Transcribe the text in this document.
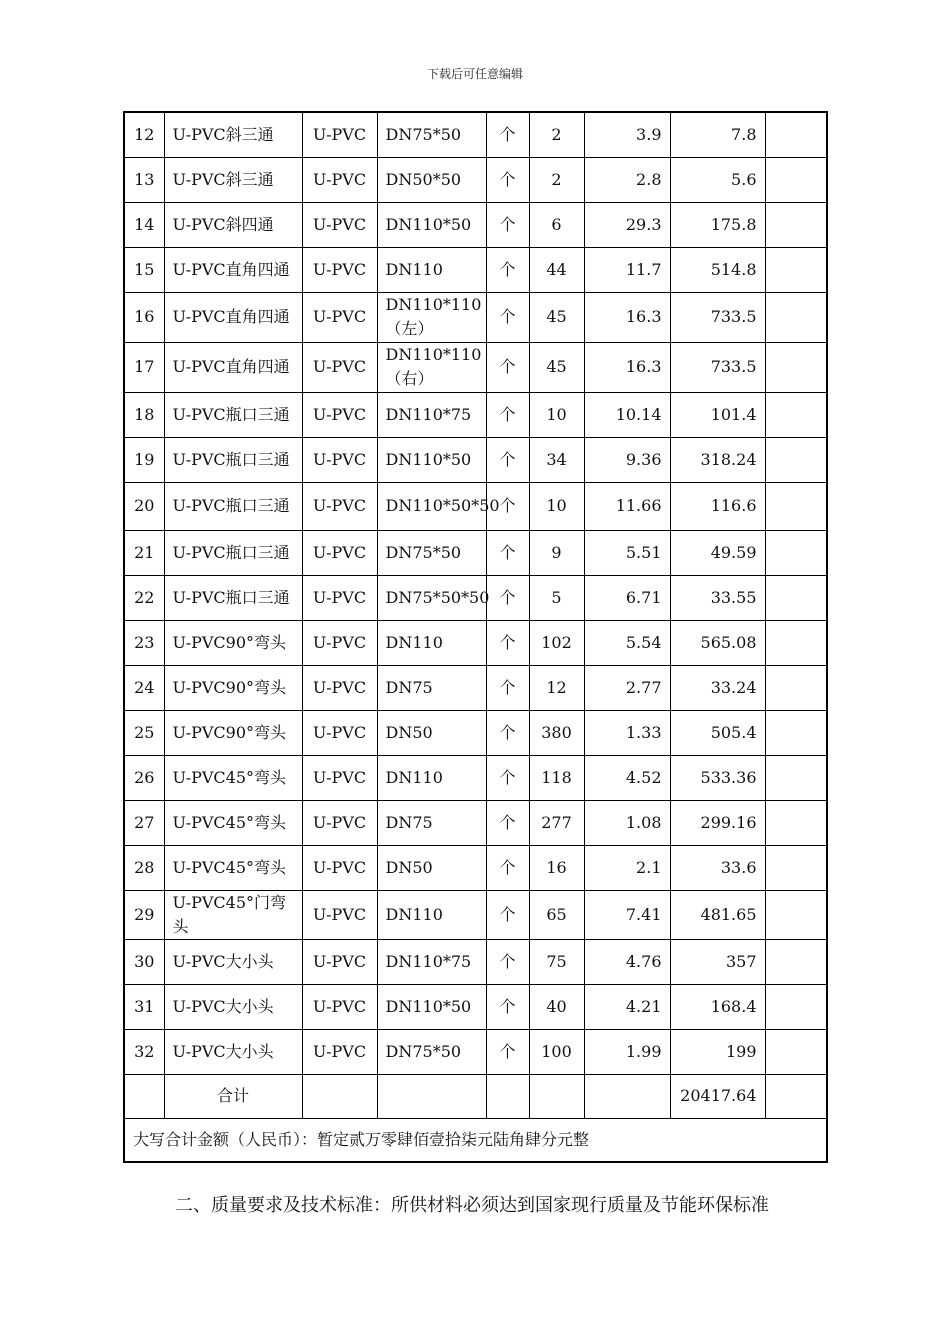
下载后可任意编辑
12	U-PVC斜三通	U-PVC	DN75*50	个	2	3.9	7.8	
13	U-PVC斜三通	U-PVC	DN50*50	个	2	2.8	5.6	
14	U-PVC斜四通	U-PVC	DN110*50	个	6	29.3	175.8	
15	U-PVC直角四通	U-PVC	DN110	个	44	11.7	514.8	
16	U-PVC直角四通	U-PVC	DN110*110（左）	个	45	16.3	733.5	
17	U-PVC直角四通	U-PVC	DN110*110（右）	个	45	16.3	733.5	
18	U-PVC瓶口三通	U-PVC	DN110*75	个	10	10.14	101.4	
19	U-PVC瓶口三通	U-PVC	DN110*50	个	34	9.36	318.24	
20	U-PVC瓶口三通	U-PVC	DN110*50*50	个	10	11.66	116.6	
21	U-PVC瓶口三通	U-PVC	DN75*50	个	9	5.51	49.59	
22	U-PVC瓶口三通	U-PVC	DN75*50*50	个	5	6.71	33.55	
23	U-PVC90°弯头	U-PVC	DN110	个	102	5.54	565.08	
24	U-PVC90°弯头	U-PVC	DN75	个	12	2.77	33.24	
25	U-PVC90°弯头	U-PVC	DN50	个	380	1.33	505.4	
26	U-PVC45°弯头	U-PVC	DN110	个	118	4.52	533.36	
27	U-PVC45°弯头	U-PVC	DN75	个	277	1.08	299.16	
28	U-PVC45°弯头	U-PVC	DN50	个	16	2.1	33.6	
29	U-PVC45°门弯头	U-PVC	DN110	个	65	7.41	481.65	
30	U-PVC大小头	U-PVC	DN110*75	个	75	4.76	357	
31	U-PVC大小头	U-PVC	DN110*50	个	40	4.21	168.4	
32	U-PVC大小头	U-PVC	DN75*50	个	100	1.99	199	
	合计						20417.64	
大写合计金额（人民币）：暂定贰万零肆佰壹拾柒元陆角肆分元整								
二、质量要求及技术标准：所供材料必须达到国家现行质量及节能环保标准
